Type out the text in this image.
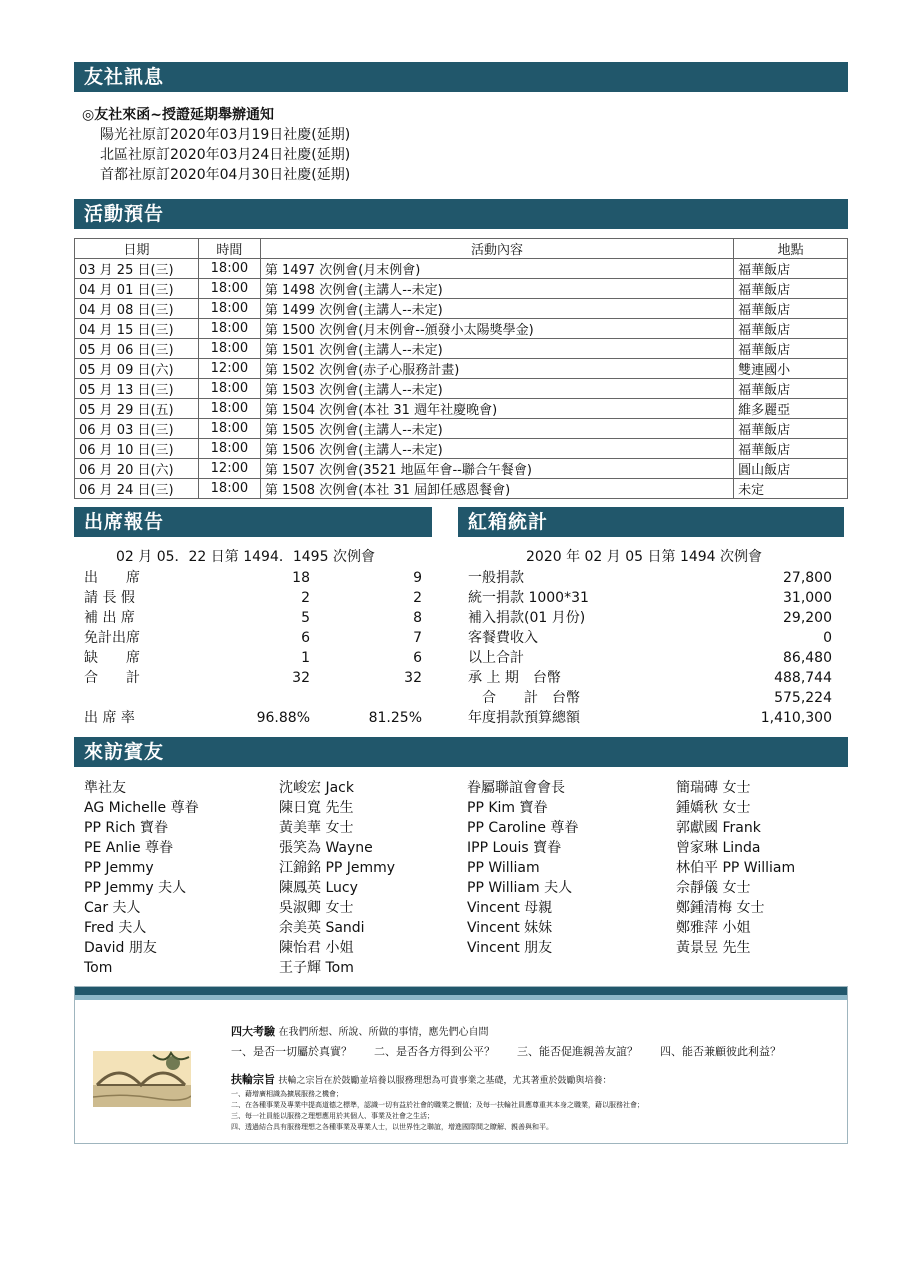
友社訊息
◎友社來函~授證延期舉辦通知
陽光社原訂2020年03月19日社慶(延期)
北區社原訂2020年03月24日社慶(延期)
首都社原訂2020年04月30日社慶(延期)
活動預告
日期	時間	活動內容	地點
03 月 25 日(三)	18:00	第 1497 次例會(月末例會)	福華飯店
04 月 01 日(三)	18:00	第 1498 次例會(主講人--未定)	福華飯店
04 月 08 日(三)	18:00	第 1499 次例會(主講人--未定)	福華飯店
04 月 15 日(三)	18:00	第 1500 次例會(月末例會--頒發小太陽獎學金)	福華飯店
05 月 06 日(三)	18:00	第 1501 次例會(主講人--未定)	福華飯店
05 月 09 日(六)	12:00	第 1502 次例會(赤子心服務計畫)	雙連國小
05 月 13 日(三)	18:00	第 1503 次例會(主講人--未定)	福華飯店
05 月 29 日(五)	18:00	第 1504 次例會(本社 31 週年社慶晚會)	維多麗亞
06 月 03 日(三)	18:00	第 1505 次例會(主講人--未定)	福華飯店
06 月 10 日(三)	18:00	第 1506 次例會(主講人--未定)	福華飯店
06 月 20 日(六)	12:00	第 1507 次例會(3521 地區年會--聯合午餐會)	圓山飯店
06 月 24 日(三)	18:00	第 1508 次例會(本社 31 屆卸任感恩餐會)	未定
出席報告
02 月 05．22 日第 1494．1495 次例會
出　　席	18	9
請 長 假	2	2
補 出 席	5	8
免計出席	6	7
缺　　席	1	6
合　　計	32	32
出 席 率	96.88%	81.25%
紅箱統計
2020 年 02 月 05 日第 1494 次例會
一般捐款	27,800
統一捐款 1000*31	31,000
補入捐款(01 月份)	29,200
客餐費收入	0
以上合計	86,480
承 上 期　台幣	488,744
　合　　計　台幣	575,224
年度捐款預算總額	1,410,300
來訪賓友
準社友
AG Michelle 尊眷
PP Rich 寶眷
PE Anlie 尊眷
PP Jemmy
PP Jemmy 夫人
Car 夫人
Fred 夫人
David 朋友
Tom
沈峻宏 Jack
陳日寬 先生
黃美華 女士
張笑為 Wayne
江錦銘 PP Jemmy
陳鳳英 Lucy
吳淑卿 女士
余美英 Sandi
陳怡君 小姐
王子輝 Tom
眷屬聯誼會會長
PP Kim 寶眷
PP Caroline 尊眷
IPP Louis 寶眷
PP William
PP William 夫人
Vincent 母親
Vincent 妹妹
Vincent 朋友
簡瑞磚 女士
鍾嬌秋 女士
郭獻國 Frank
曾家琳 Linda
林伯平 PP William
佘靜儀 女士
鄭鍾清梅 女士
鄭雅萍 小姐
黃景昱 先生
四大考驗 在我們所想、所說、所做的事情，應先們心自問
一、是否一切屬於真實？　　二、是否各方得到公平？　　三、能否促進親善友誼？　　四、能否兼顧彼此利益？
扶輪宗旨 扶輪之宗旨在於鼓勵並培養以服務理想為可貴事業之基礎，尤其著重於鼓勵與培養：
一、藉增廣相識為擴展服務之機會；
二、在各種事業及專業中提高道德之標準，認識一切有益於社會的職業之價值；及每一扶輪社員應尊重其本身之職業，藉以服務社會；
三、每一社員能以服務之理想應用於其個人、事業及社會之生活；
四、透過結合具有服務理想之各種事業及專業人士，以世界性之聯誼，增進國際間之瞭解、親善與和平。
